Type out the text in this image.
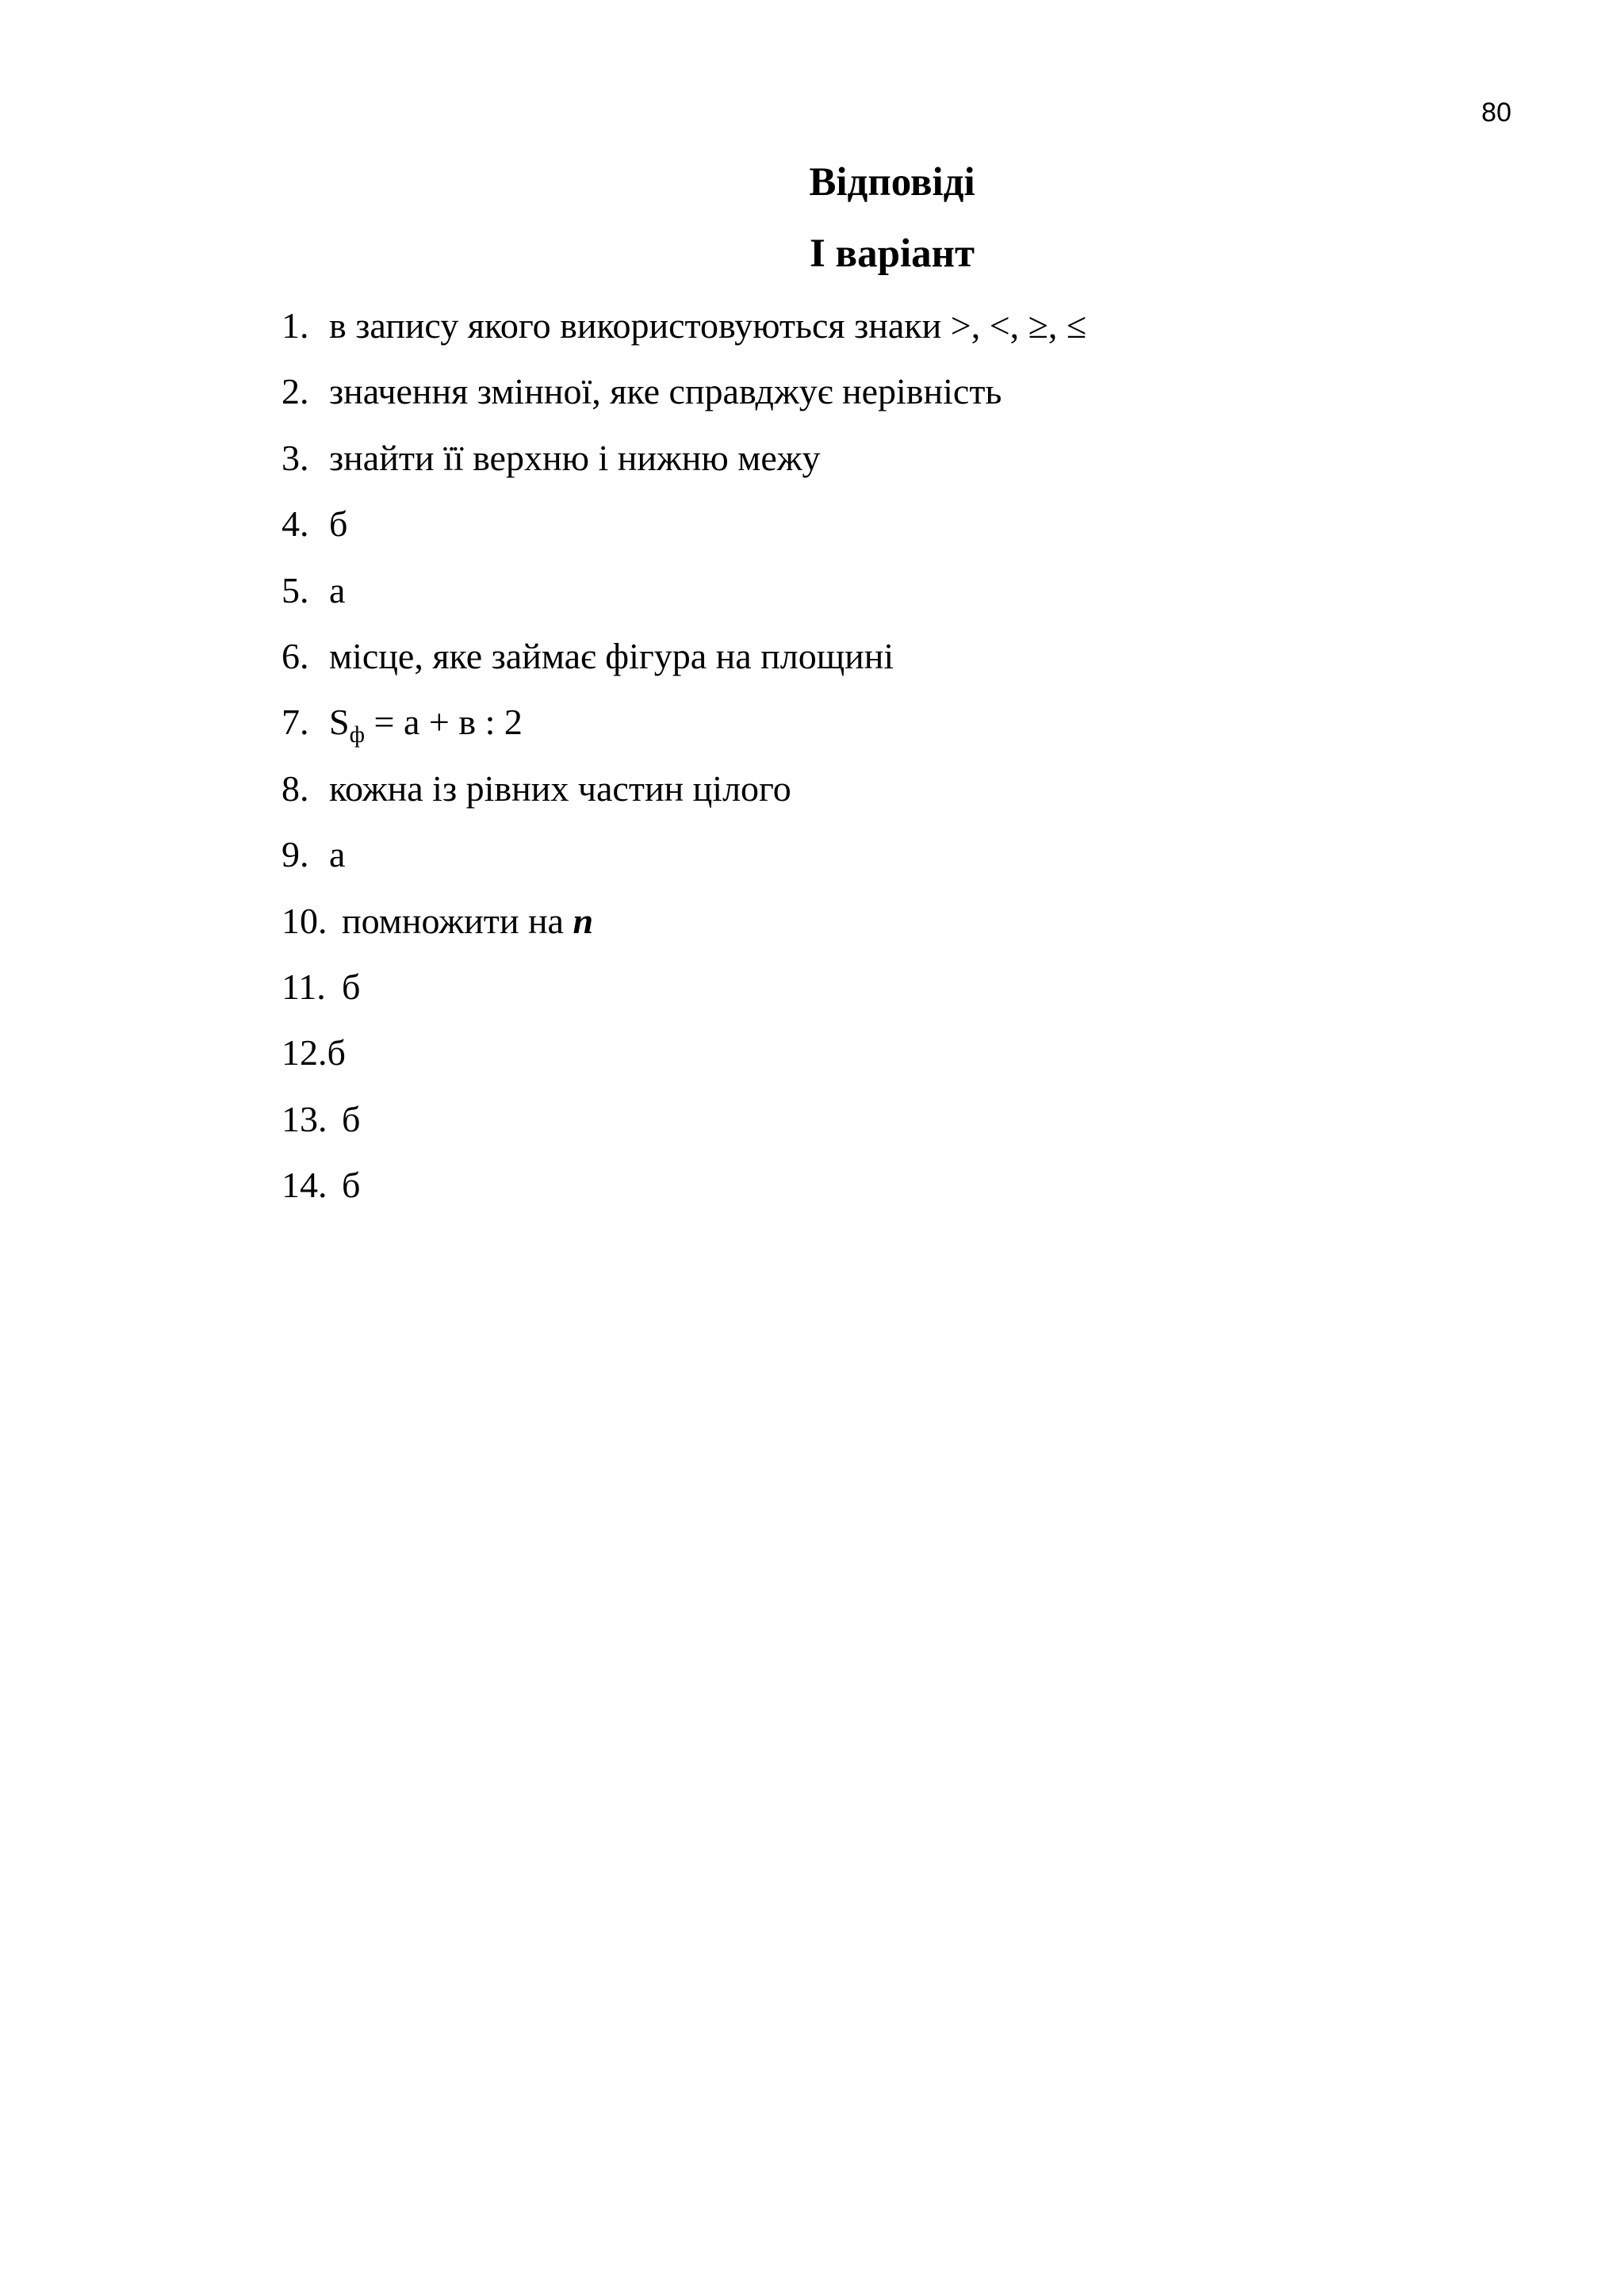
80
Відповіді
І варіант
1. в запису якого використовуються знаки >, <, ≥, ≤
2. значення змінної, яке справджує нерівність
3. знайти її верхню і нижню межу
4. б
5. а
6. місце, яке займає фігура на площині
7. $S_ф = а + в$ : 2
8. кожна із рівних частин цілого
9. а
10. помножити на n
11. б
12.б
13. б
14. б
